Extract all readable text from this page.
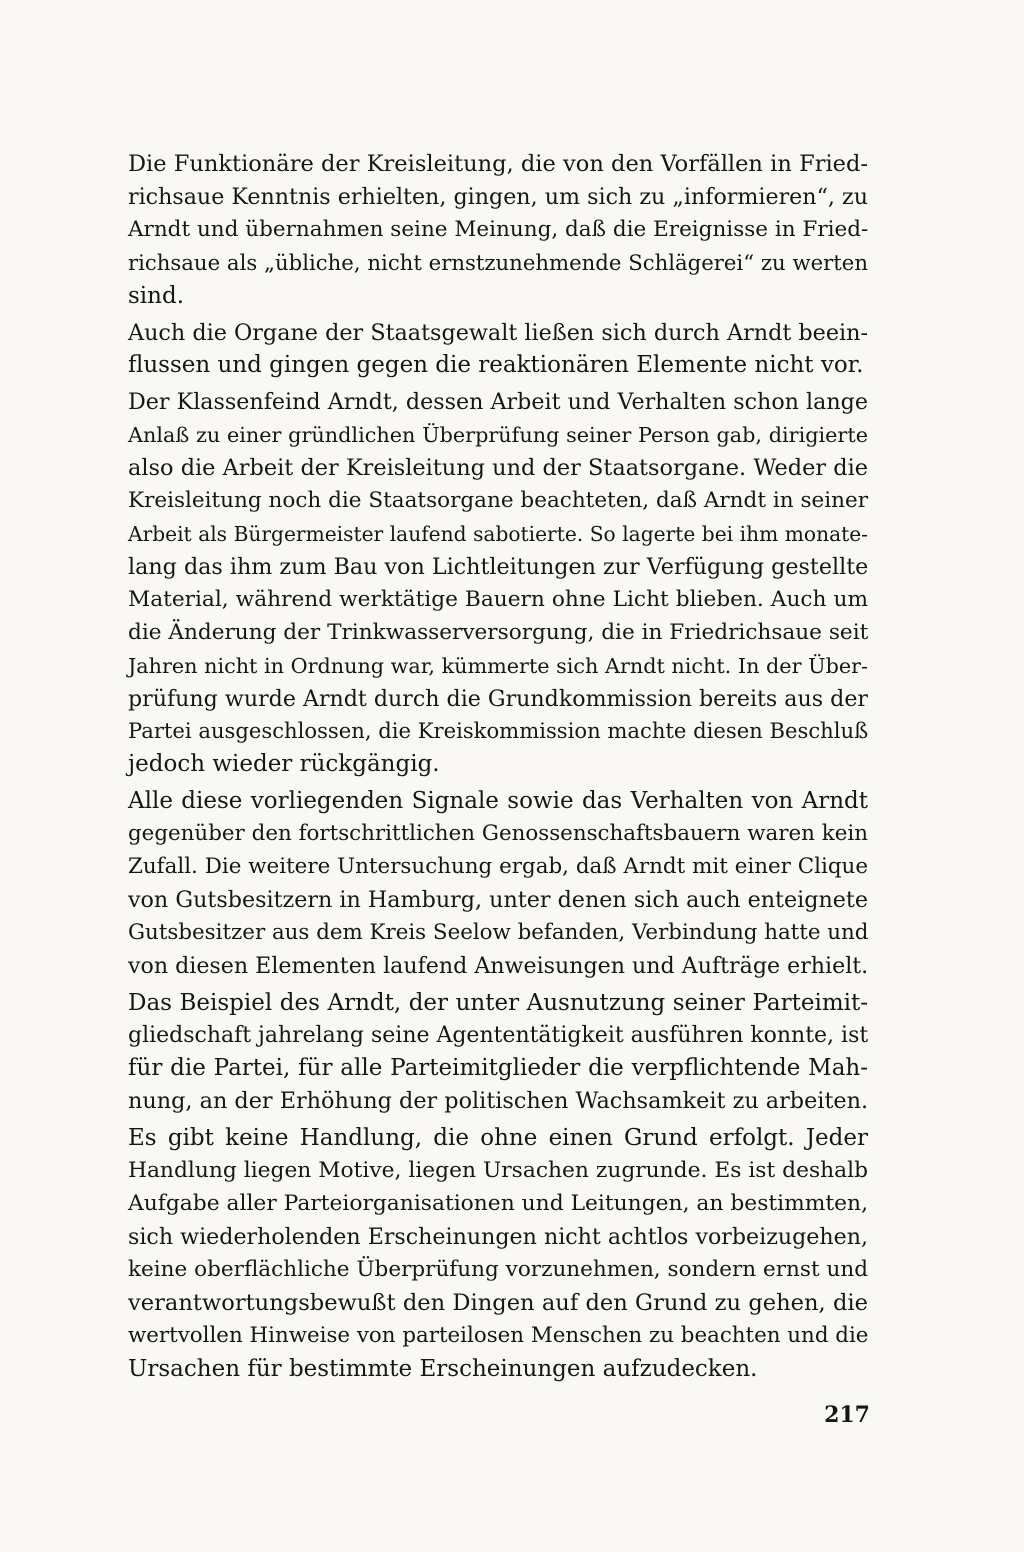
Die Funktionäre der Kreisleitung, die von den Vorfällen in Fried-
richsaue Kenntnis erhielten, gingen, um sich zu „informieren“, zu
Arndt und übernahmen seine Meinung, daß die Ereignisse in Fried-
richsaue als „übliche, nicht ernstzunehmende Schlägerei“ zu werten
sind.

Auch die Organe der Staatsgewalt ließen sich durch Arndt beein-
flussen und gingen gegen die reaktionären Elemente nicht vor.

Der Klassenfeind Arndt, dessen Arbeit und Verhalten schon lange
Anlaß zu einer gründlichen Überprüfung seiner Person gab, dirigierte
also die Arbeit der Kreisleitung und der Staatsorgane. Weder die
Kreisleitung noch die Staatsorgane beachteten, daß Arndt in seiner
Arbeit als Bürgermeister laufend sabotierte. So lagerte bei ihm monate-
lang das ihm zum Bau von Lichtleitungen zur Verfügung gestellte
Material, während werktätige Bauern ohne Licht blieben. Auch um
die Änderung der Trinkwasserversorgung, die in Friedrichsaue seit
Jahren nicht in Ordnung war, kümmerte sich Arndt nicht. In der Über-
prüfung wurde Arndt durch die Grundkommission bereits aus der
Partei ausgeschlossen, die Kreiskommission machte diesen Beschluß
jedoch wieder rückgängig.

Alle diese vorliegenden Signale sowie das Verhalten von Arndt
gegenüber den fortschrittlichen Genossenschaftsbauern waren kein
Zufall. Die weitere Untersuchung ergab, daß Arndt mit einer Clique
von Gutsbesitzern in Hamburg, unter denen sich auch enteignete
Gutsbesitzer aus dem Kreis Seelow befanden, Verbindung hatte und
von diesen Elementen laufend Anweisungen und Aufträge erhielt.

Das Beispiel des Arndt, der unter Ausnutzung seiner Parteimit-
gliedschaft jahrelang seine Agententätigkeit ausführen konnte, ist
für die Partei, für alle Parteimitglieder die verpflichtende Mah-
nung, an der Erhöhung der politischen Wachsamkeit zu arbeiten.

Es gibt keine Handlung, die ohne einen Grund erfolgt. Jeder
Handlung liegen Motive, liegen Ursachen zugrunde. Es ist deshalb
Aufgabe aller Parteiorganisationen und Leitungen, an bestimmten,
sich wiederholenden Erscheinungen nicht achtlos vorbeizugehen,
keine oberflächliche Überprüfung vorzunehmen, sondern ernst und
verantwortungsbewußt den Dingen auf den Grund zu gehen, die
wertvollen Hinweise von parteilosen Menschen zu beachten und die
Ursachen für bestimmte Erscheinungen aufzudecken.

217
